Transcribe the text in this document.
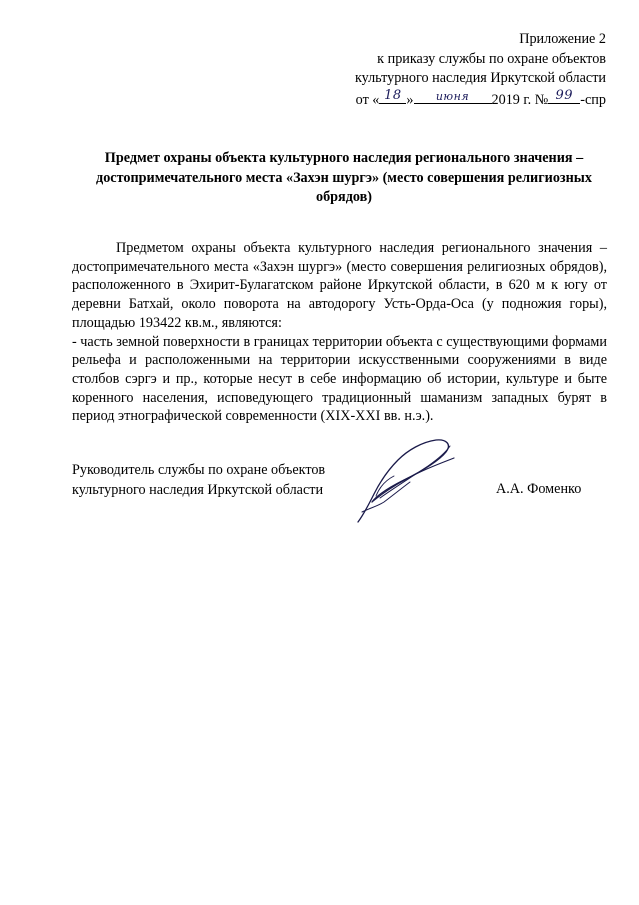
Приложение 2
к приказу службы по охране объектов
культурного наследия Иркутской области
от « 18 »	июня	2019 г. № 99 -спр
Предмет охраны объекта культурного наследия регионального значения – достопримечательного места «Захэн шургэ» (место совершения религиозных обрядов)

Предметом охраны объекта культурного наследия регионального значения – достопримечательного места «Захэн шургэ» (место совершения религиозных обрядов), расположенного в Эхирит-Булагатском районе Иркутской области, в 620 м к югу от деревни Батхай, около поворота на автодорогу Усть-Орда-Оса (у подножия горы), площадью 193422 кв.м., являются:

- часть земной поверхности в границах территории объекта с существующими формами рельефа и расположенными на территории искусственными сооружениями в виде столбов сэргэ и пр., которые несут в себе информацию об истории, культуре и быте коренного населения, исповедующего традиционный шаманизм западных бурят в период этнографической современности (XIX-XXI вв. н.э.).

Руководитель службы по охране объектов
культурного наследия Иркутской области	А.А. Фоменко
